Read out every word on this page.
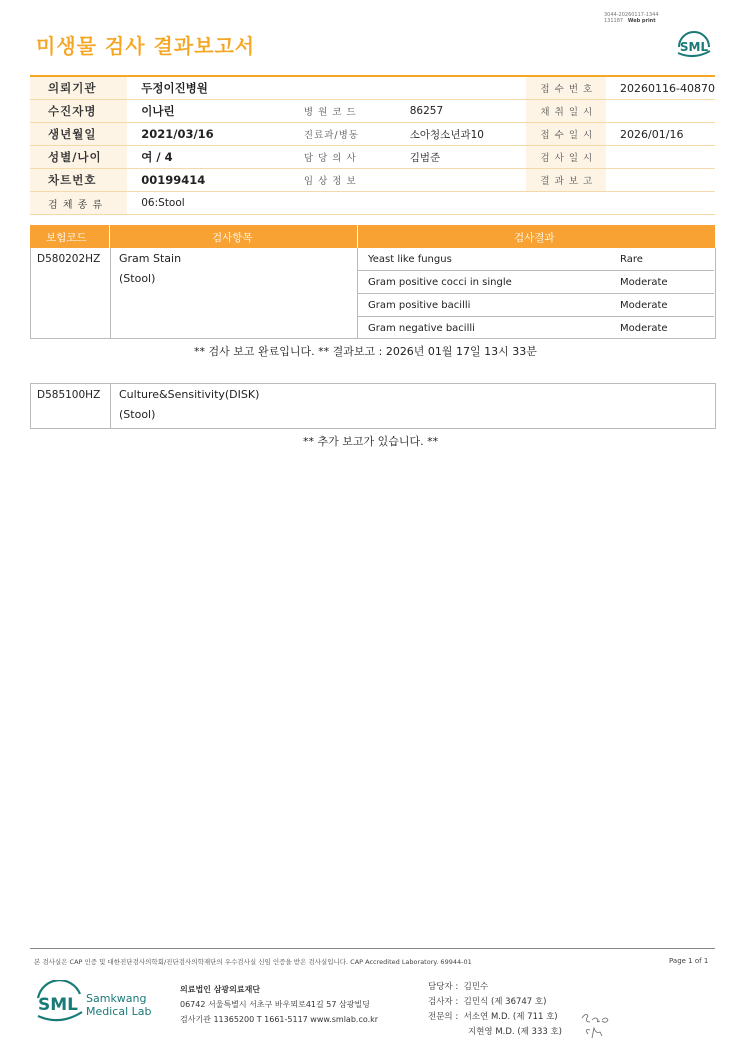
미생물 검사 결과보고서
3044-20260117-1344
131187 Web print
SML
의뢰기관	두정이진병원			접 수 번 호	20260116-40870
수진자명	이나린	병 원 코 드	86257	채 취 일 시	
생년월일	2021/03/16	진료과/병동	소아청소년과10	접 수 일 시	2026/01/16
성별/나이	여 / 4	담 당 의 사	김범준	검 사 일 시	
차트번호	00199414	임 상 정 보		결 과 보 고	
검 체 종 류	06:Stool				
보험코드	검사항목	검사결과
D580202HZ Gram Stain
(Stool)
Yeast like fungus	Rare
Gram positive cocci in single	Moderate
Gram positive bacilli	Moderate
Gram negative bacilli	Moderate
** 검사 보고 완료입니다. ** 결과보고 : 2026년 01월 17일 13시 33분
D585100HZ Culture&Sensitivity(DISK)
(Stool)
** 추가 보고가 있습니다. **
본 검사실은 CAP 인증 및 대한진단검사의학회/진단검사의학재단의 우수검사실 신임 인증을 받은 검사실입니다. CAP Accredited Laboratory. 69944-01	Page 1 of 1
SML Samkwang
Medical Lab
의료법인 삼광의료재단
06742 서울특별시 서초구 바우뫼로41길 57 삼광빌딩
검사기관 11365200 T 1661-5117 www.smlab.co.kr
담당자 : 김민수
검사자 : 김민식 (제 36747 호)
전문의 : 서소연 M.D. (제 711 호)
지현영 M.D. (제 333 호)
